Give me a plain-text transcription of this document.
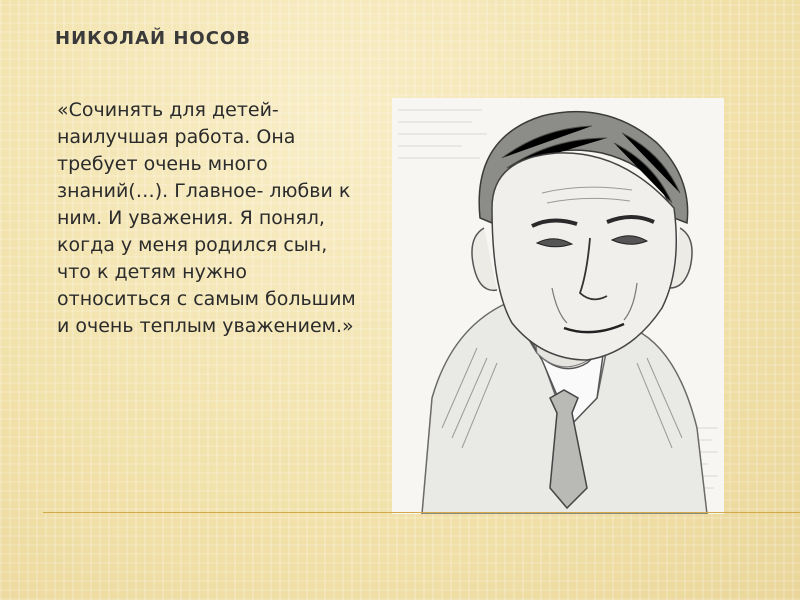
НИКОЛАЙ НОСОВ

«Сочинять для детей- наилучшая работа. Она требует очень много знаний(…). Главное- любви к ним. И уважения. Я понял, когда у меня родился сын, что к детям нужно относиться с самым большим и очень теплым уважением.»
